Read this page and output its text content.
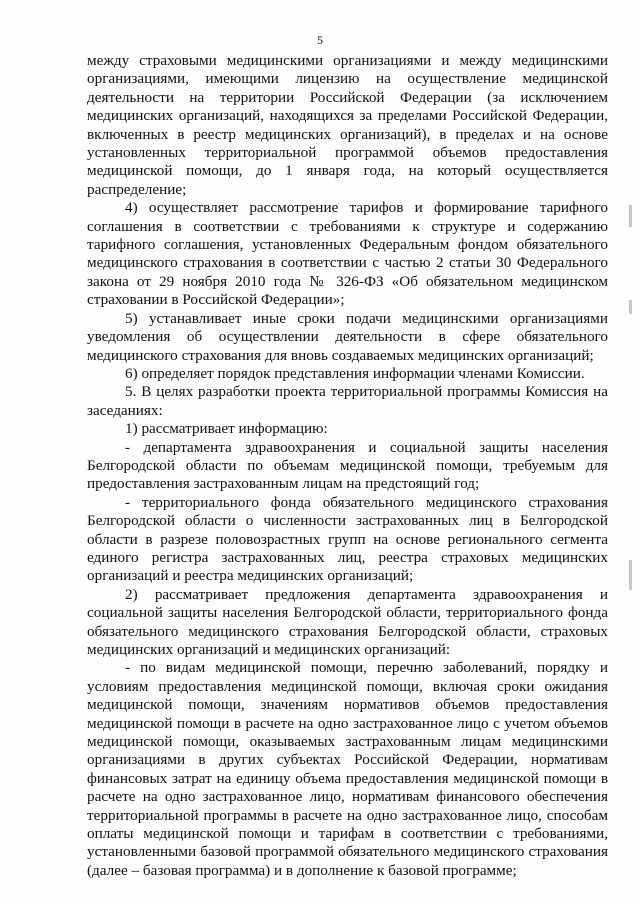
5

между страховыми медицинскими организациями и между медицинскими организациями, имеющими лицензию на осуществление медицинской деятельности на территории Российской Федерации (за исключением медицинских организаций, находящихся за пределами Российской Федерации, включенных в реестр медицинских организаций), в пределах и на основе установленных территориальной программой объемов предоставления медицинской помощи, до 1 января года, на который осуществляется распределение;

4) осуществляет рассмотрение тарифов и формирование тарифного соглашения в соответствии с требованиями к структуре и содержанию тарифного соглашения, установленных Федеральным фондом обязательного медицинского страхования в соответствии с частью 2 статьи 30 Федерального закона от 29 ноября 2010 года № 326-ФЗ «Об обязательном медицинском страховании в Российской Федерации»;

5) устанавливает иные сроки подачи медицинскими организациями уведомления об осуществлении деятельности в сфере обязательного медицинского страхования для вновь создаваемых медицинских организаций;

6) определяет порядок представления информации членами Комиссии.

5. В целях разработки проекта территориальной программы Комиссия на заседаниях:

1) рассматривает информацию:

- департамента здравоохранения и социальной защиты населения Белгородской области по объемам медицинской помощи, требуемым для предоставления застрахованным лицам на предстоящий год;

- территориального фонда обязательного медицинского страхования Белгородской области о численности застрахованных лиц в Белгородской области в разрезе половозрастных групп на основе регионального сегмента единого регистра застрахованных лиц, реестра страховых медицинских организаций и реестра медицинских организаций;

2) рассматривает предложения департамента здравоохранения и социальной защиты населения Белгородской области, территориального фонда обязательного медицинского страхования Белгородской области, страховых медицинских организаций и медицинских организаций:

- по видам медицинской помощи, перечню заболеваний, порядку и условиям предоставления медицинской помощи, включая сроки ожидания медицинской помощи, значениям нормативов объемов предоставления медицинской помощи в расчете на одно застрахованное лицо с учетом объемов медицинской помощи, оказываемых застрахованным лицам медицинскими организациями в других субъектах Российской Федерации, нормативам финансовых затрат на единицу объема предоставления медицинской помощи в расчете на одно застрахованное лицо, нормативам финансового обеспечения территориальной программы в расчете на одно застрахованное лицо, способам оплаты медицинской помощи и тарифам в соответствии с требованиями, установленными базовой программой обязательного медицинского страхования (далее – базовая программа) и в дополнение к базовой программе;
